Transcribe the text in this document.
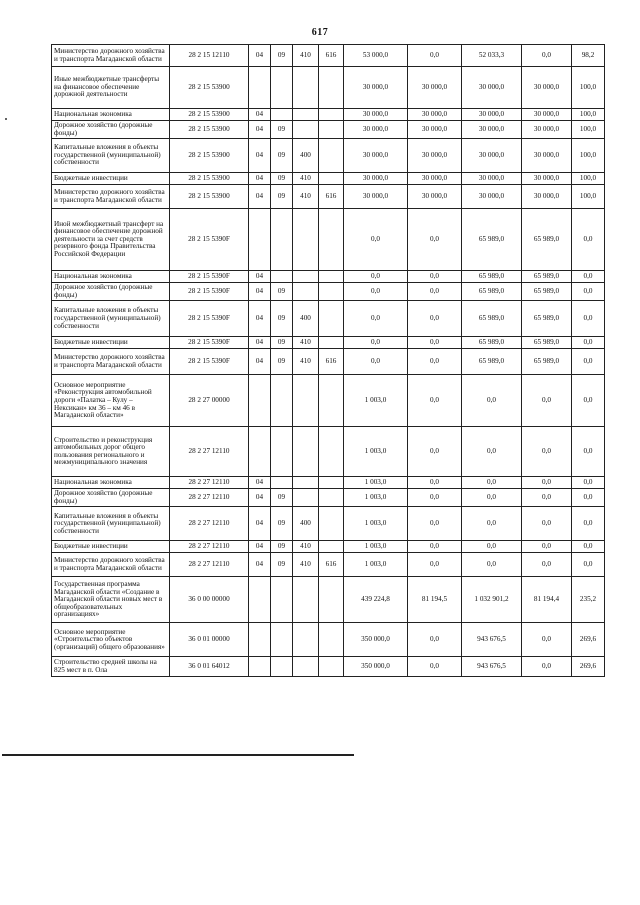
617
Министерство дорожного хозяйства и транспорта Магаданской области	28 2 15 12110	04	09	410	616	53 000,0	0,0	52 033,3	0,0	98,2
Иные межбюджетные трансферты на финансовое обеспечение дорожной деятельности	28 2 15 53900					30 000,0	30 000,0	30 000,0	30 000,0	100,0
Национальная экономика	28 2 15 53900	04				30 000,0	30 000,0	30 000,0	30 000,0	100,0
Дорожное хозяйство (дорожные фонды)	28 2 15 53900	04	09			30 000,0	30 000,0	30 000,0	30 000,0	100,0
Капитальные вложения в объекты государственной (муниципальной) собственности	28 2 15 53900	04	09	400		30 000,0	30 000,0	30 000,0	30 000,0	100,0
Бюджетные инвестиции	28 2 15 53900	04	09	410		30 000,0	30 000,0	30 000,0	30 000,0	100,0
Министерство дорожного хозяйства и транспорта Магаданской области	28 2 15 53900	04	09	410	616	30 000,0	30 000,0	30 000,0	30 000,0	100,0
Иной межбюджетный трансферт на финансовое обеспечение дорожной деятельности за счет средств резервного фонда Правительства Российской Федерации	28 2 15 5390F					0,0	0,0	65 989,0	65 989,0	0,0
Национальная экономика	28 2 15 5390F	04				0,0	0,0	65 989,0	65 989,0	0,0
Дорожное хозяйство (дорожные фонды)	28 2 15 5390F	04	09			0,0	0,0	65 989,0	65 989,0	0,0
Капитальные вложения в объекты государственной (муниципальной) собственности	28 2 15 5390F	04	09	400		0,0	0,0	65 989,0	65 989,0	0,0
Бюджетные инвестиции	28 2 15 5390F	04	09	410		0,0	0,0	65 989,0	65 989,0	0,0
Министерство дорожного хозяйства и транспорта Магаданской области	28 2 15 5390F	04	09	410	616	0,0	0,0	65 989,0	65 989,0	0,0
Основное мероприятие «Реконструкция автомобильной дороги «Палатка – Кулу – Нексикан» км 36 – км 46 в Магаданской области»	28 2 27 00000					1 003,0	0,0	0,0	0,0	0,0
Строительство и реконструкция автомобильных дорог общего пользования регионального и межмуниципального значения	28 2 27 12110					1 003,0	0,0	0,0	0,0	0,0
Национальная экономика	28 2 27 12110	04				1 003,0	0,0	0,0	0,0	0,0
Дорожное хозяйство (дорожные фонды)	28 2 27 12110	04	09			1 003,0	0,0	0,0	0,0	0,0
Капитальные вложения в объекты государственной (муниципальной) собственности	28 2 27 12110	04	09	400		1 003,0	0,0	0,0	0,0	0,0
Бюджетные инвестиции	28 2 27 12110	04	09	410		1 003,0	0,0	0,0	0,0	0,0
Министерство дорожного хозяйства и транспорта Магаданской области	28 2 27 12110	04	09	410	616	1 003,0	0,0	0,0	0,0	0,0
Государственная программа Магаданской области «Создание в Магаданской области новых мест в общеобразовательных организациях»	36 0 00 00000					439 224,8	81 194,5	1 032 901,2	81 194,4	235,2
Основное мероприятие «Строительство объектов (организаций) общего образования»	36 0 01 00000					350 000,0	0,0	943 676,5	0,0	269,6
Строительство средней школы на 825 мест в п. Ола	36 0 01 64012					350 000,0	0,0	943 676,5	0,0	269,6
